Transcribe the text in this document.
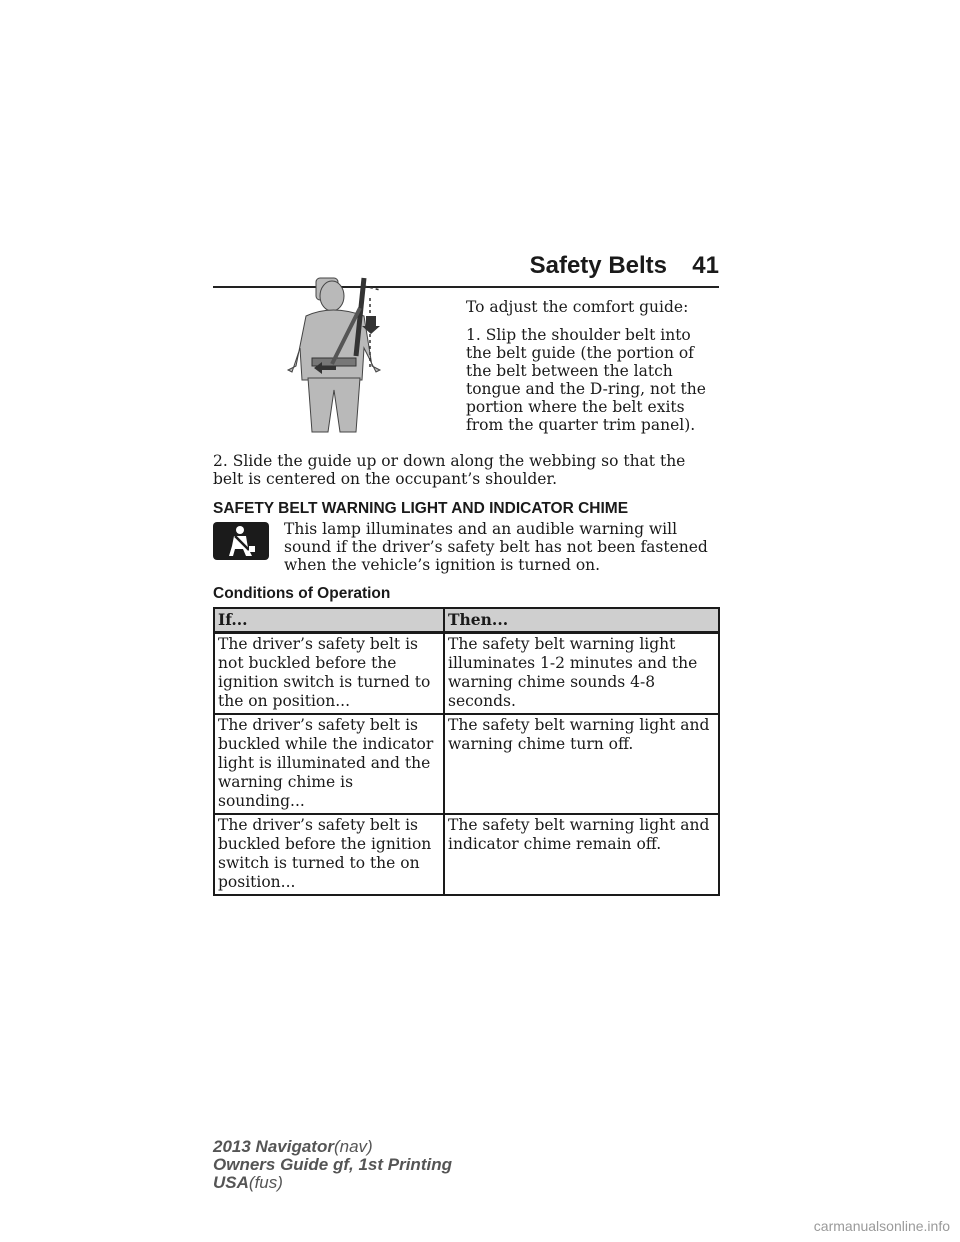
Safety Belts 41

To adjust the comfort guide:

1. Slip the shoulder belt into the belt guide (the portion of the belt between the latch tongue and the D-ring, not the portion where the belt exits from the quarter trim panel).

2. Slide the guide up or down along the webbing so that the belt is centered on the occupant’s shoulder.

SAFETY BELT WARNING LIGHT AND INDICATOR CHIME

This lamp illuminates and an audible warning will sound if the driver’s safety belt has not been fastened when the vehicle’s ignition is turned on.

Conditions of Operation
If...	Then...
The driver’s safety belt is not buckled before the ignition switch is turned to the on position...	The safety belt warning light illuminates 1-2 minutes and the warning chime sounds 4-8 seconds.
The driver’s safety belt is buckled while the indicator light is illuminated and the warning chime is sounding...	The safety belt warning light and warning chime turn off.
The driver’s safety belt is buckled before the ignition switch is turned to the on position...	The safety belt warning light and indicator chime remain off.
2013 Navigator(nav)
Owners Guide gf, 1st Printing
USA(fus)
carmanualsonline.info
